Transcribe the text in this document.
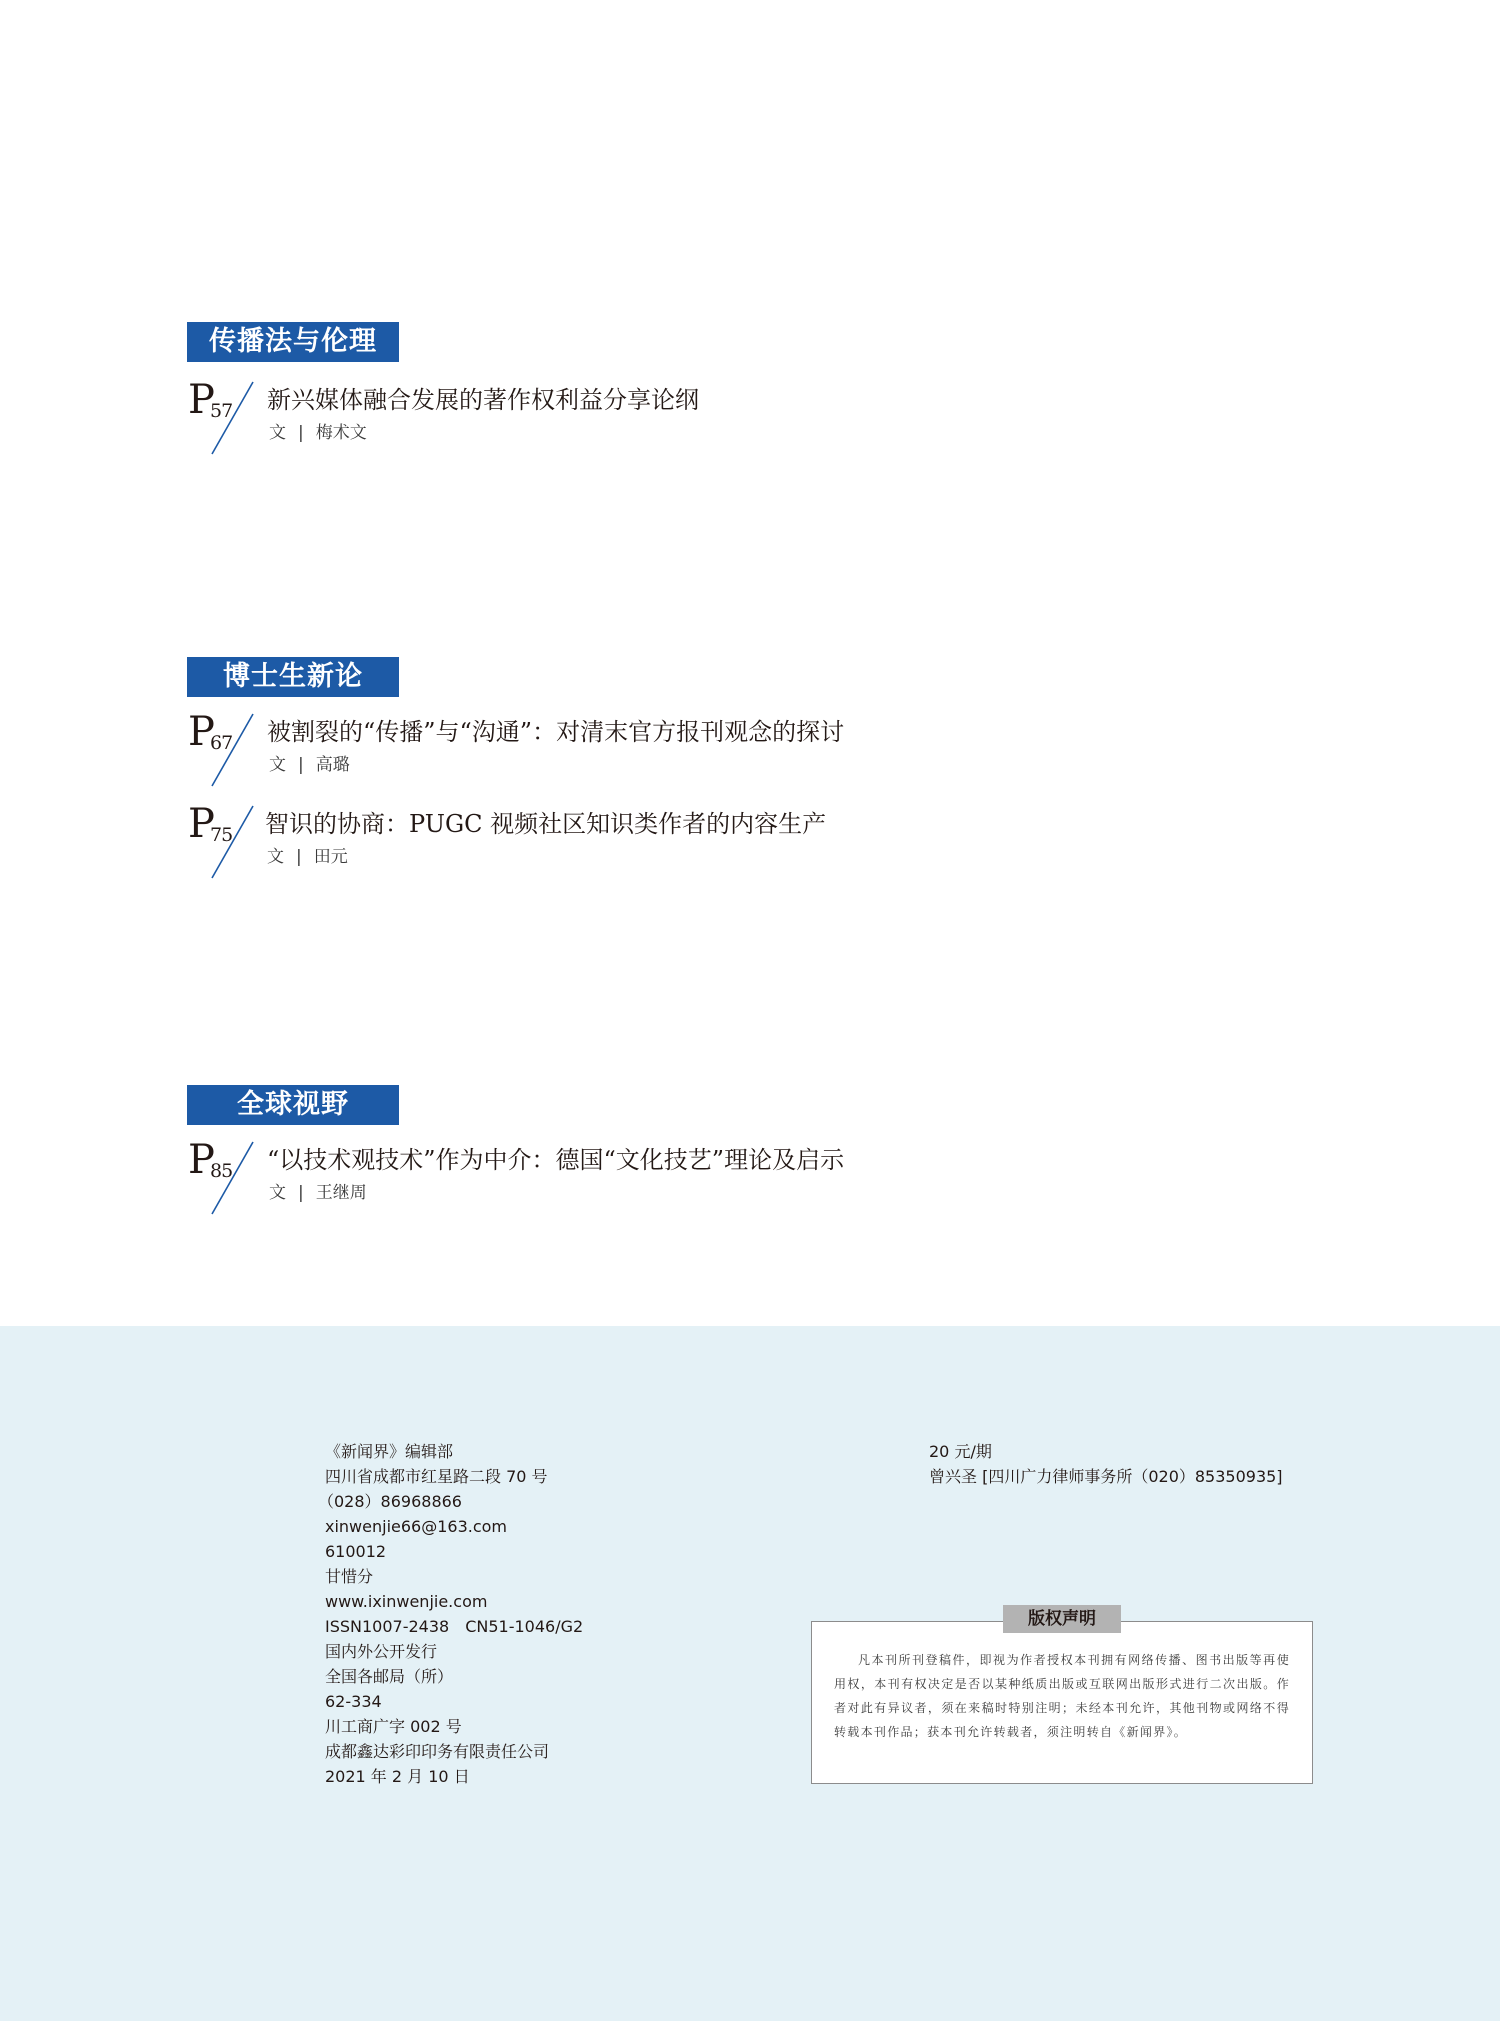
传播法与伦理
P
57 新兴媒体融合发展的著作权利益分享论纲
文 | 梅术文
博士生新论
P
67 被割裂的“传播”与“沟通”：对清末官方报刊观念的探讨
文 | 高璐
P
75 智识的协商：PUGC 视频社区知识类作者的内容生产
文 | 田元
全球视野
P
85 “以技术观技术”作为中介：德国“文化技艺”理论及启示
文 | 王继周
《新闻界》编辑部
四川省成都市红星路二段 70 号
（028）86968866
xinwenjie66@163.com
610012
甘惜分
www.ixinwenjie.com
ISSN1007-2438　CN51-1046/G2
国内外公开发行
全国各邮局（所）
62-334
川工商广字 002 号
成都鑫达彩印印务有限责任公司
2021 年 2 月 10 日
20 元/期
曾兴圣 [四川广力律师事务所（020）85350935]
版权声明
凡本刊所刊登稿件，即视为作者授权本刊拥有网络传播、图书出版等再使用权，本刊有权决定是否以某种纸质出版或互联网出版形式进行二次出版。作者对此有异议者，须在来稿时特别注明；未经本刊允许，其他刊物或网络不得转载本刊作品；获本刊允许转载者，须注明转自《新闻界》。
